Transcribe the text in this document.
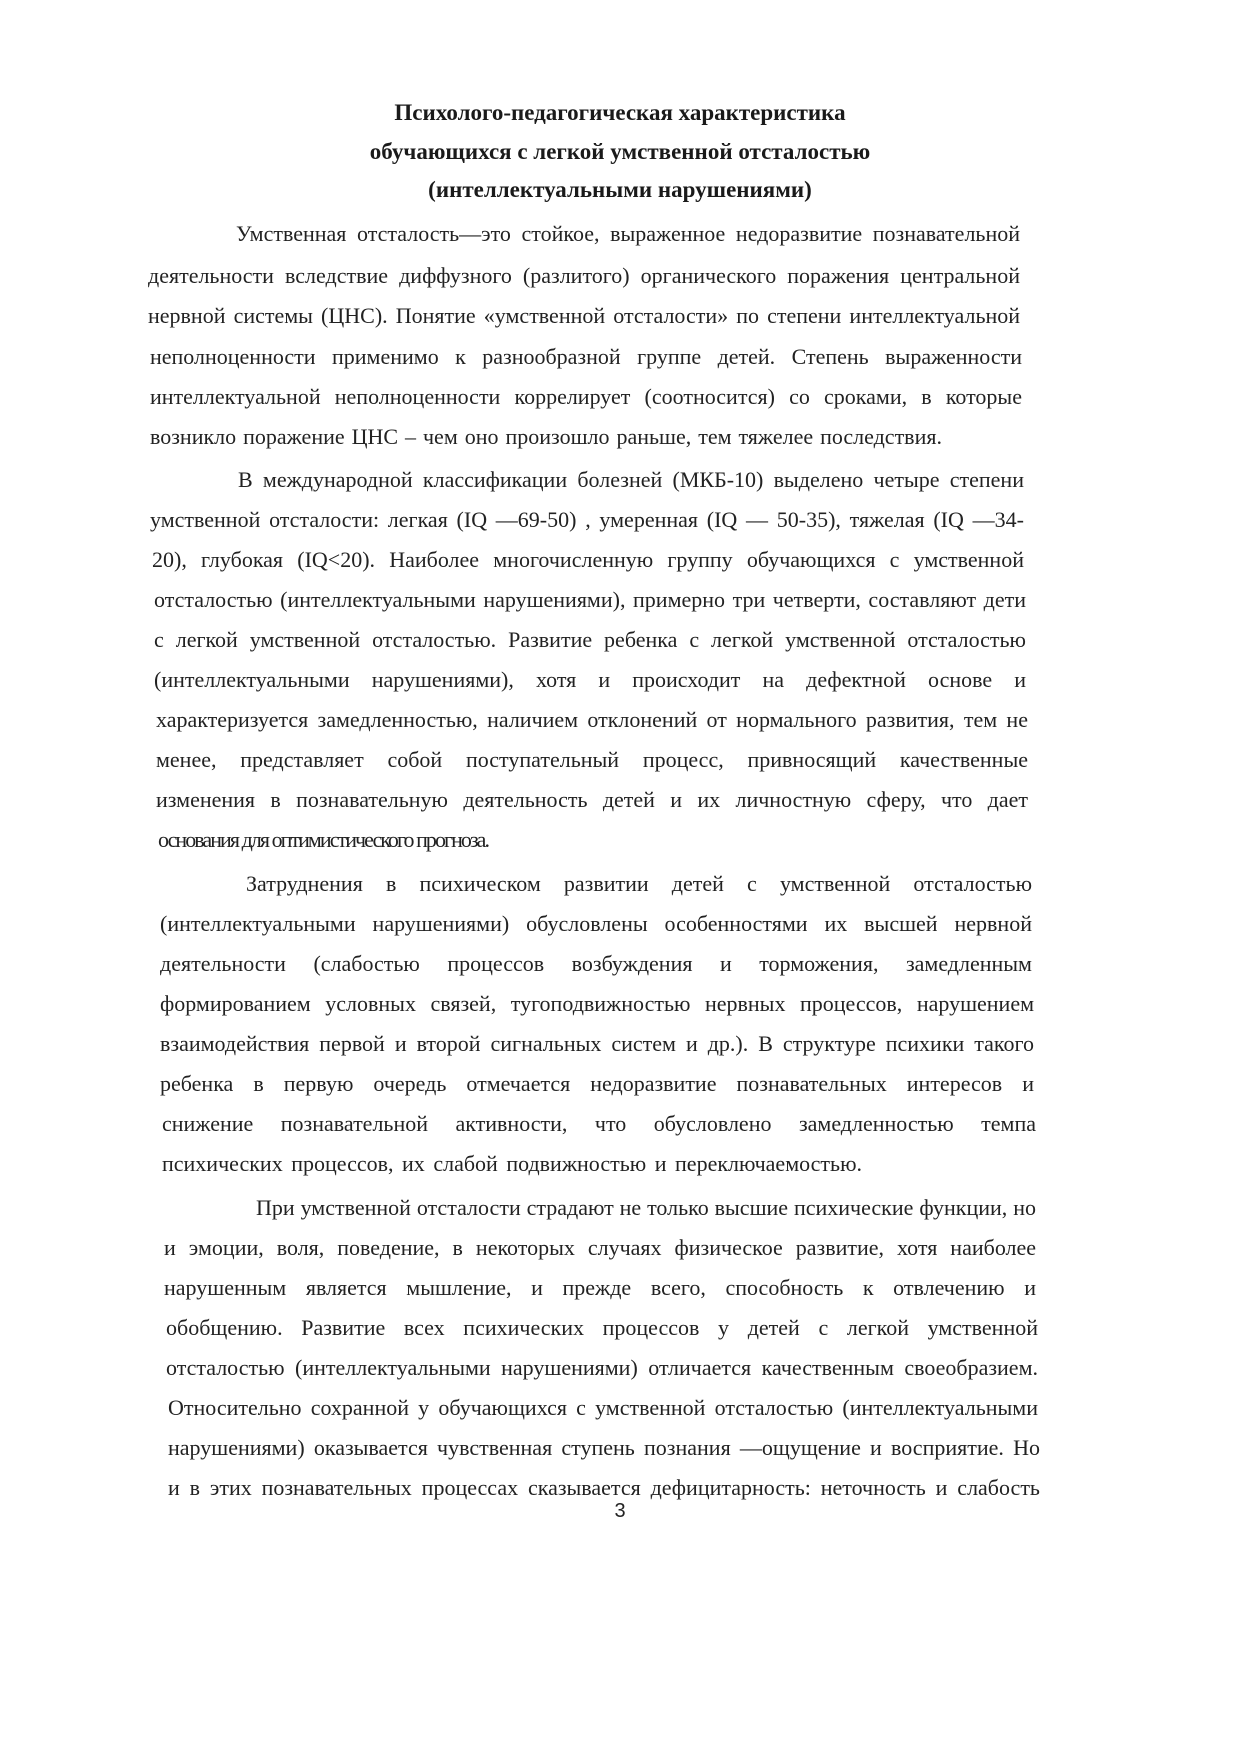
Психолого-педагогическая характеристика
обучающихся с легкой умственной отсталостью
(интеллектуальными нарушениями)
Умственная отсталость—это стойкое, выраженное недоразвитие познавательной
деятельности вследствие диффузного (разлитого) органического поражения центральной
нервной системы (ЦНС). Понятие «умственной отсталости» по степени интеллектуальной
неполноценности применимо к разнообразной группе детей. Степень выраженности
интеллектуальной неполноценности коррелирует (соотносится) со сроками, в которые
возникло поражение ЦНС – чем оно произошло раньше, тем тяжелее последствия.
В международной классификации болезней (МКБ-10) выделено четыре степени
умственной отсталости: легкая (IQ —69-50) , умеренная (IQ — 50-35), тяжелая (IQ —34-
20), глубокая (IQ<20). Наиболее многочисленную группу обучающихся с умственной
отсталостью (интеллектуальными нарушениями), примерно три четверти, составляют дети
с легкой умственной отсталостью. Развитие ребенка с легкой умственной отсталостью
(интеллектуальными нарушениями), хотя и происходит на дефектной основе и
характеризуется замедленностью, наличием отклонений от нормального развития, тем не
менее, представляет собой поступательный процесс, привносящий качественные
изменения в познавательную деятельность детей и их личностную сферу, что дает
основания для оптимистического прогноза.
Затруднения в психическом развитии детей с умственной отсталостью
(интеллектуальными нарушениями) обусловлены особенностями их высшей нервной
деятельности (слабостью процессов возбуждения и торможения, замедленным
формированием условных связей, тугоподвижностью нервных процессов, нарушением
взаимодействия первой и второй сигнальных систем и др.). В структуре психики такого
ребенка в первую очередь отмечается недоразвитие познавательных интересов и
снижение познавательной активности, что обусловлено замедленностью темпа
психических процессов, их слабой подвижностью и переключаемостью.
При умственной отсталости страдают не только высшие психические функции, но
и эмоции, воля, поведение, в некоторых случаях физическое развитие, хотя наиболее
нарушенным является мышление, и прежде всего, способность к отвлечению и
обобщению. Развитие всех психических процессов у детей с легкой умственной
отсталостью (интеллектуальными нарушениями) отличается качественным своеобразием.
Относительно сохранной у обучающихся с умственной отсталостью (интеллектуальными
нарушениями) оказывается чувственная ступень познания —ощущение и восприятие. Но
и в этих познавательных процессах сказывается дефицитарность: неточность и слабость
3
